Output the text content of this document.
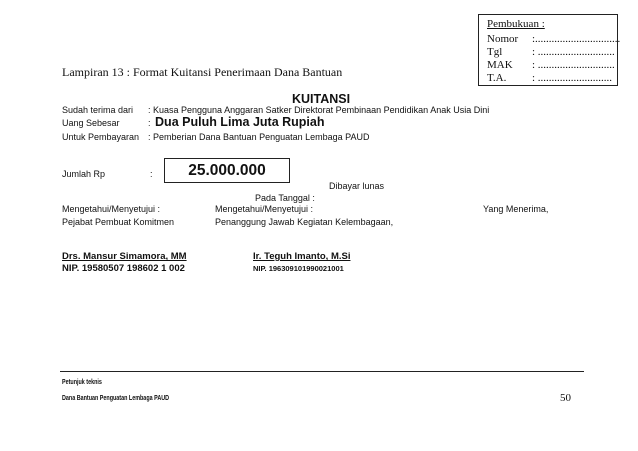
Pembukuan :
Nomor :...............................
Tgl	: ............................
MAK : ............................
T.A. : ...........................
Lampiran 13 : Format Kuitansi Penerimaan Dana Bantuan
KUITANSI
Sudah terima dari : Kuasa Pengguna Anggaran Satker Direktorat Pembinaan Pendidikan Anak Usia Dini
Uang Sebesar	: Dua Puluh Lima Juta Rupiah
Untuk Pembayaran : Pemberian Dana Bantuan Penguatan Lembaga PAUD
Jumlah Rp	:	25.000.000
Dibayar lunas
Pada Tanggal :
Mengetahui/Menyetujui :	Mengetahui/Menyetujui :	Yang Menerima,
Pejabat Pembuat Komitmen	Penanggung Jawab Kegiatan Kelembagaan,
Drs. Mansur Simamora, MM	Ir. Teguh Imanto, M.Si
NIP. 19580507 198602 1 002	NIP. 196309101990021001
Petunjuk teknis
Dana Bantuan Penguatan Lembaga PAUD	50
